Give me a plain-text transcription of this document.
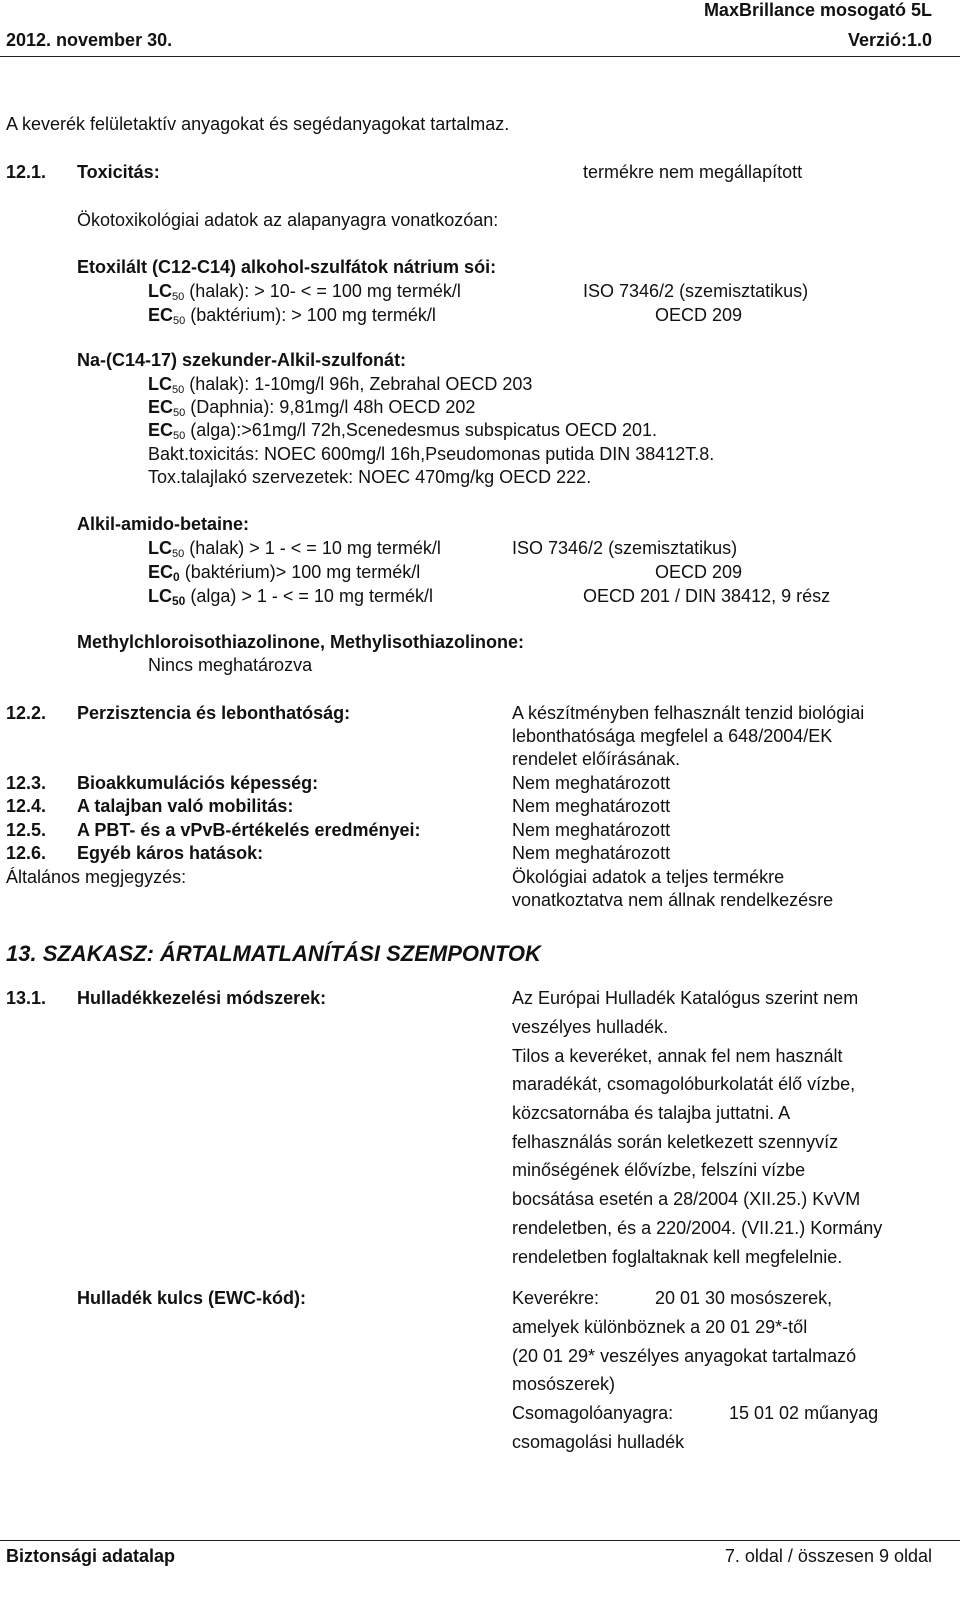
MaxBrillance mosogató 5L
2012. november 30.	Verzió:1.0
A keverék felületaktív anyagokat és segédanyagokat tartalmaz.
12.1. Toxicitás:	termékre nem megállapított
Ökotoxikológiai adatok az alapanyagra vonatkozóan:
Etoxilált (C12-C14) alkohol-szulfátok nátrium sói:
LC50 (halak): > 10- < = 100 mg termék/l	ISO 7346/2 (szemisztatikus)
EC50 (baktérium): > 100 mg termék/l	OECD 209
Na-(C14-17) szekunder-Alkil-szulfonát:
LC50 (halak): 1-10mg/l 96h, Zebrahal OECD 203
EC50 (Daphnia): 9,81mg/l 48h OECD 202
EC50 (alga):>61mg/l 72h,Scenedesmus subspicatus OECD 201.
Bakt.toxicitás: NOEC 600mg/l 16h,Pseudomonas putida DIN 38412T.8.
Tox.talajlakó szervezetek: NOEC 470mg/kg OECD 222.
Alkil-amido-betaine:
LC50 (halak) > 1 - < = 10 mg termék/l	ISO 7346/2 (szemisztatikus)
EC0 (baktérium)> 100 mg termék/l	OECD 209
LC50 (alga) > 1 - < = 10 mg termék/l	OECD 201 / DIN 38412, 9 rész
Methylchloroisothiazolinone, Methylisothiazolinone:
Nincs meghatározva
12.2. Perzisztencia és lebonthatóság:	A készítményben felhasznált tenzid biológiai
lebonthatósága megfelel a 648/2004/EK
rendelet előírásának.
12.3. Bioakkumulációs képesség:	Nem meghatározott
12.4. A talajban való mobilitás:	Nem meghatározott
12.5. A PBT- és a vPvB-értékelés eredményei:	Nem meghatározott
12.6. Egyéb káros hatások:	Nem meghatározott
Általános megjegyzés:	Ökológiai adatok a teljes termékre
vonatkoztatva nem állnak rendelkezésre
13. SZAKASZ: ÁRTALMATLANÍTÁSI SZEMPONTOK
13.1. Hulladékkezelési módszerek:	Az Európai Hulladék Katalógus szerint nem
veszélyes hulladék.
Tilos a keveréket, annak fel nem használt
maradékát, csomagolóburkolatát élő vízbe,
közcsatornába és talajba juttatni. A
felhasználás során keletkezett szennyvíz
minőségének élővízbe, felszíni vízbe
bocsátása esetén a 28/2004 (XII.25.) KvVM
rendeletben, és a 220/2004. (VII.21.) Kormány
rendeletben foglaltaknak kell megfelelnie.
Hulladék kulcs (EWC-kód):	Keverékre:	20 01 30 mosószerek,
amelyek különböznek a 20 01 29*-től
(20 01 29* veszélyes anyagokat tartalmazó
mosószerek)
Csomagolóanyagra:	15 01 02 műanyag
csomagolási hulladék
Biztonsági adatalap	7. oldal / összesen 9 oldal
